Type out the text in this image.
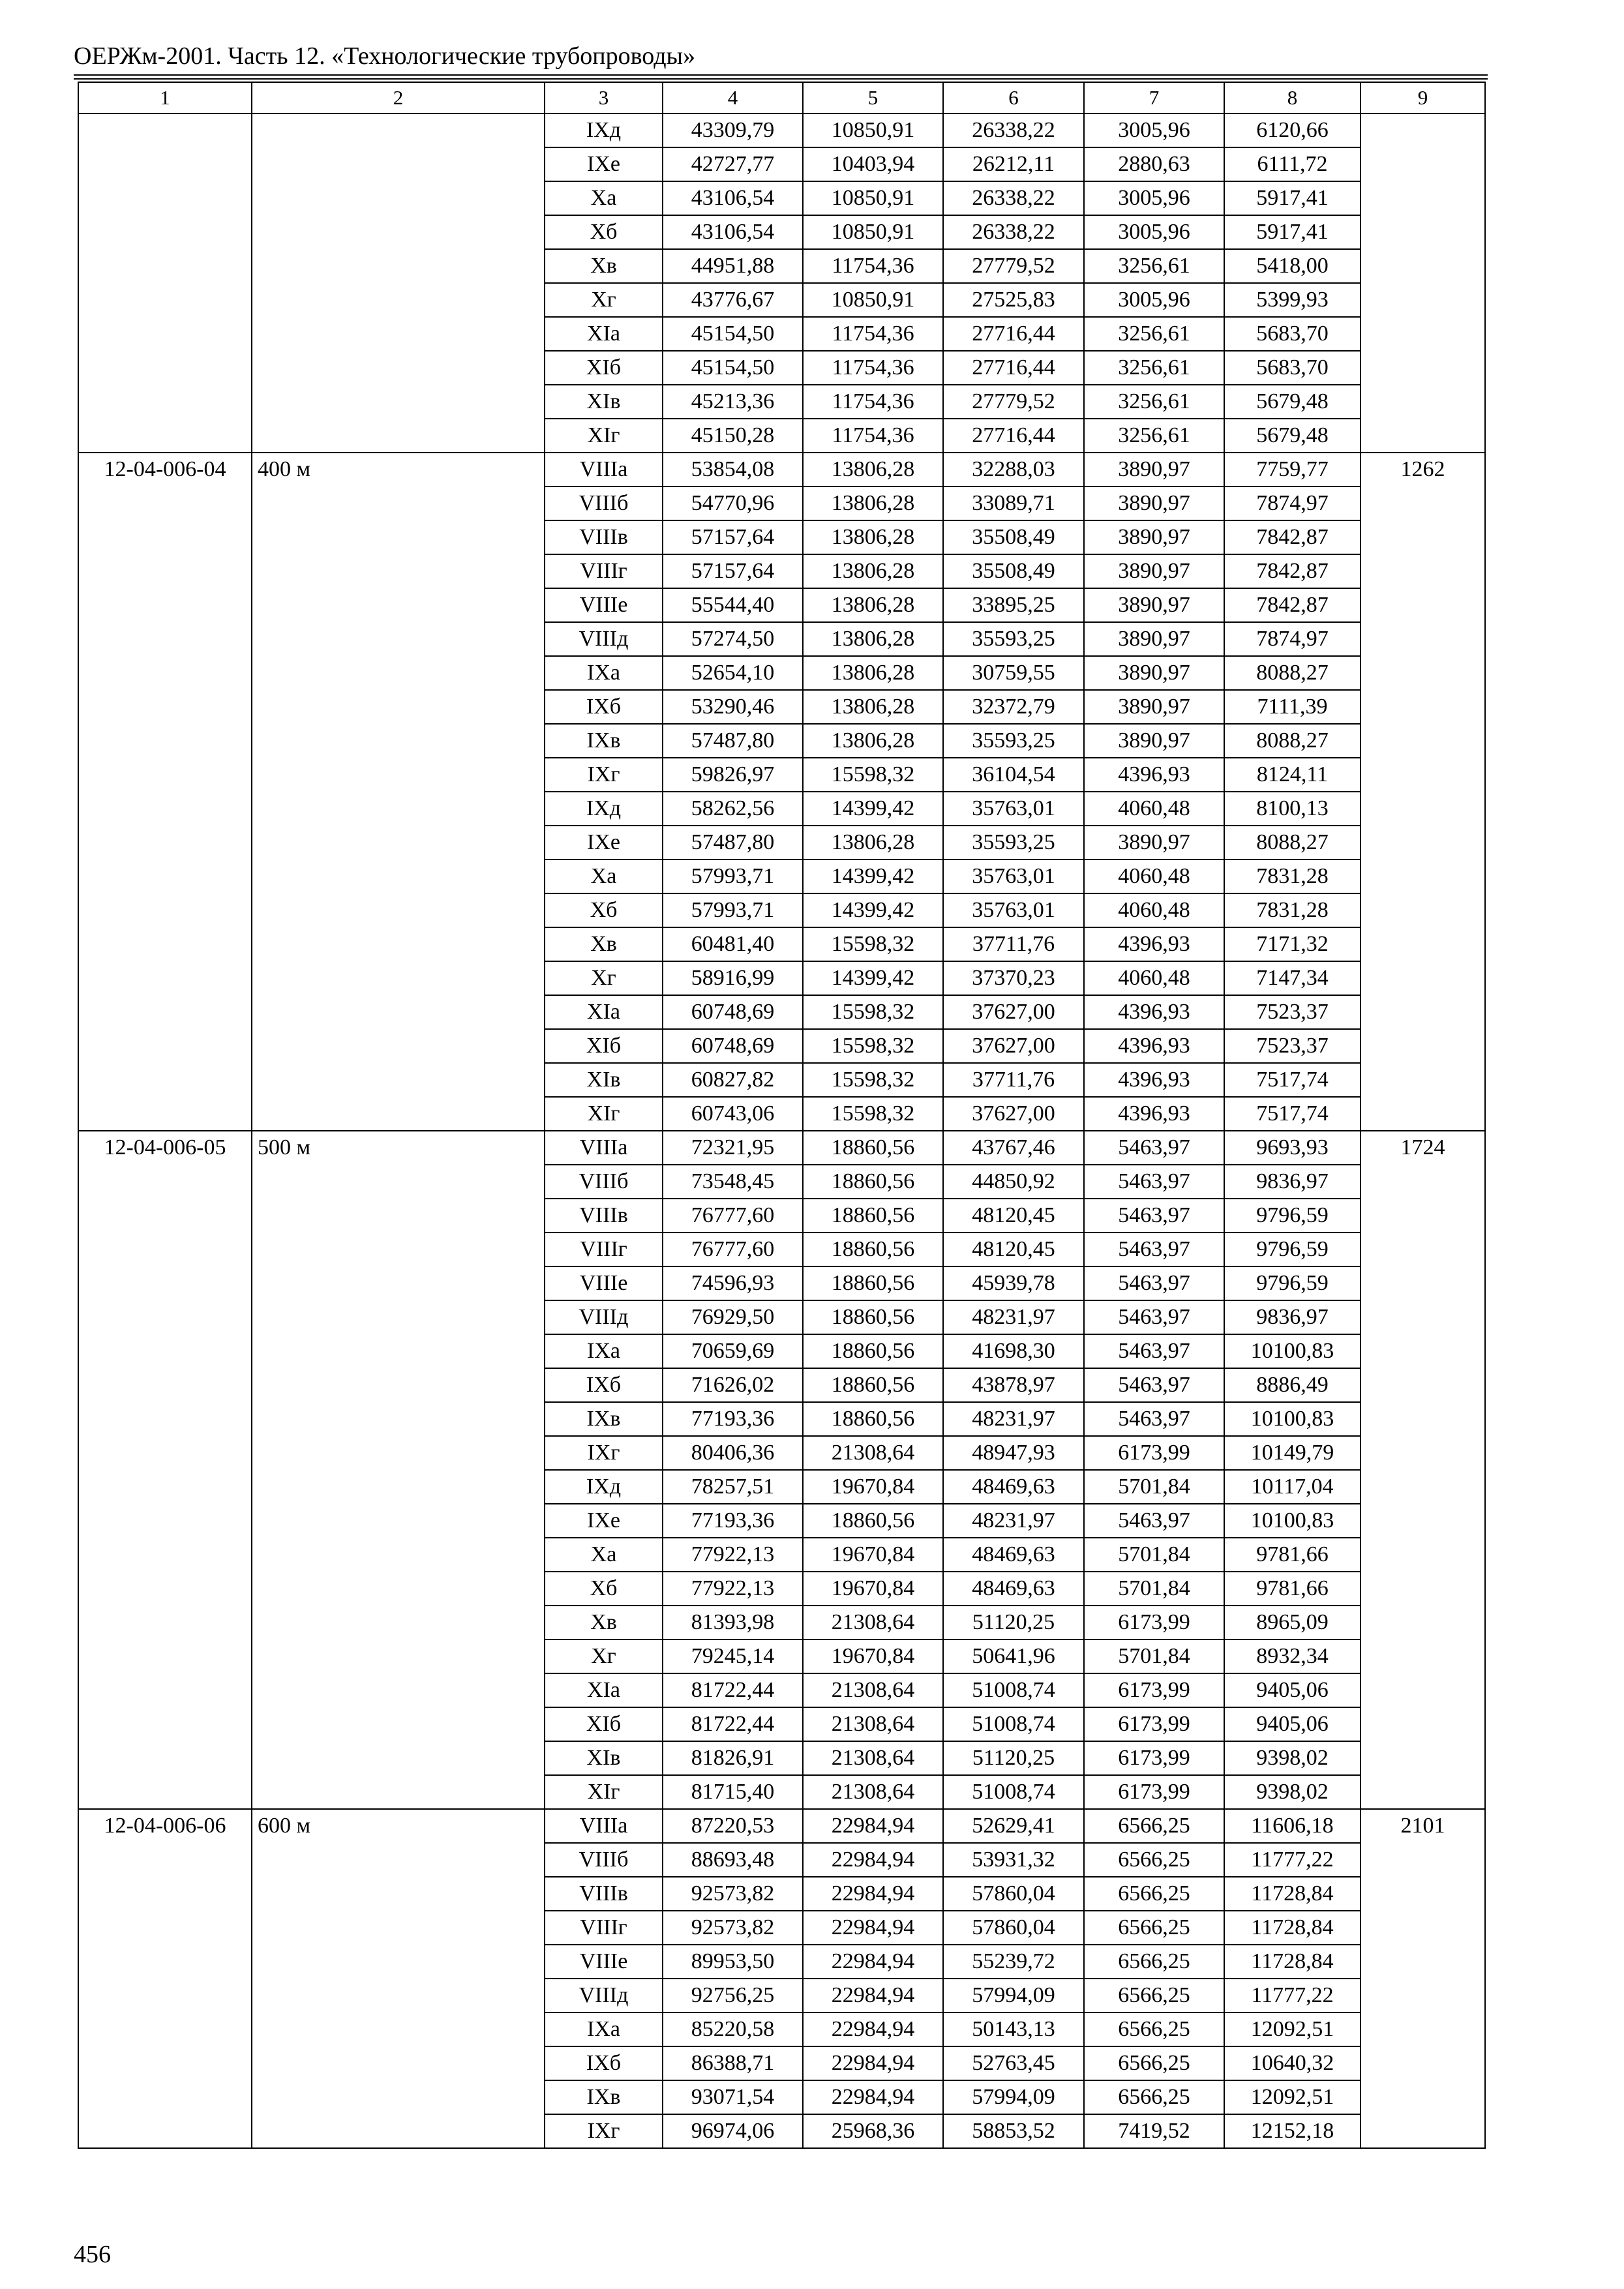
ОЕРЖм-2001. Часть 12. «Технологические трубопроводы»
1	2	3	4	5	6	7	8	9
		IXд	43309,79	10850,91	26338,22	3005,96	6120,66	
		IXе	42727,77	10403,94	26212,11	2880,63	6111,72	
		Xа	43106,54	10850,91	26338,22	3005,96	5917,41	
		Xб	43106,54	10850,91	26338,22	3005,96	5917,41	
		Xв	44951,88	11754,36	27779,52	3256,61	5418,00	
		Xг	43776,67	10850,91	27525,83	3005,96	5399,93	
		XIа	45154,50	11754,36	27716,44	3256,61	5683,70	
		XIб	45154,50	11754,36	27716,44	3256,61	5683,70	
		XIв	45213,36	11754,36	27779,52	3256,61	5679,48	
		XIг	45150,28	11754,36	27716,44	3256,61	5679,48	
12-04-006-04	400 м	VIIIа	53854,08	13806,28	32288,03	3890,97	7759,77	1262
		VIIIб	54770,96	13806,28	33089,71	3890,97	7874,97	
		VIIIв	57157,64	13806,28	35508,49	3890,97	7842,87	
		VIIIг	57157,64	13806,28	35508,49	3890,97	7842,87	
		VIIIе	55544,40	13806,28	33895,25	3890,97	7842,87	
		VIIIд	57274,50	13806,28	35593,25	3890,97	7874,97	
		IXа	52654,10	13806,28	30759,55	3890,97	8088,27	
		IXб	53290,46	13806,28	32372,79	3890,97	7111,39	
		IXв	57487,80	13806,28	35593,25	3890,97	8088,27	
		IXг	59826,97	15598,32	36104,54	4396,93	8124,11	
		IXд	58262,56	14399,42	35763,01	4060,48	8100,13	
		IXе	57487,80	13806,28	35593,25	3890,97	8088,27	
		Xа	57993,71	14399,42	35763,01	4060,48	7831,28	
		Xб	57993,71	14399,42	35763,01	4060,48	7831,28	
		Xв	60481,40	15598,32	37711,76	4396,93	7171,32	
		Xг	58916,99	14399,42	37370,23	4060,48	7147,34	
		XIа	60748,69	15598,32	37627,00	4396,93	7523,37	
		XIб	60748,69	15598,32	37627,00	4396,93	7523,37	
		XIв	60827,82	15598,32	37711,76	4396,93	7517,74	
		XIг	60743,06	15598,32	37627,00	4396,93	7517,74	
12-04-006-05	500 м	VIIIа	72321,95	18860,56	43767,46	5463,97	9693,93	1724
		VIIIб	73548,45	18860,56	44850,92	5463,97	9836,97	
		VIIIв	76777,60	18860,56	48120,45	5463,97	9796,59	
		VIIIг	76777,60	18860,56	48120,45	5463,97	9796,59	
		VIIIе	74596,93	18860,56	45939,78	5463,97	9796,59	
		VIIIд	76929,50	18860,56	48231,97	5463,97	9836,97	
		IXа	70659,69	18860,56	41698,30	5463,97	10100,83	
		IXб	71626,02	18860,56	43878,97	5463,97	8886,49	
		IXв	77193,36	18860,56	48231,97	5463,97	10100,83	
		IXг	80406,36	21308,64	48947,93	6173,99	10149,79	
		IXд	78257,51	19670,84	48469,63	5701,84	10117,04	
		IXе	77193,36	18860,56	48231,97	5463,97	10100,83	
		Xа	77922,13	19670,84	48469,63	5701,84	9781,66	
		Xб	77922,13	19670,84	48469,63	5701,84	9781,66	
		Xв	81393,98	21308,64	51120,25	6173,99	8965,09	
		Xг	79245,14	19670,84	50641,96	5701,84	8932,34	
		XIа	81722,44	21308,64	51008,74	6173,99	9405,06	
		XIб	81722,44	21308,64	51008,74	6173,99	9405,06	
		XIв	81826,91	21308,64	51120,25	6173,99	9398,02	
		XIг	81715,40	21308,64	51008,74	6173,99	9398,02	
12-04-006-06	600 м	VIIIа	87220,53	22984,94	52629,41	6566,25	11606,18	2101
		VIIIб	88693,48	22984,94	53931,32	6566,25	11777,22	
		VIIIв	92573,82	22984,94	57860,04	6566,25	11728,84	
		VIIIг	92573,82	22984,94	57860,04	6566,25	11728,84	
		VIIIе	89953,50	22984,94	55239,72	6566,25	11728,84	
		VIIIд	92756,25	22984,94	57994,09	6566,25	11777,22	
		IXа	85220,58	22984,94	50143,13	6566,25	12092,51	
		IXб	86388,71	22984,94	52763,45	6566,25	10640,32	
		IXв	93071,54	22984,94	57994,09	6566,25	12092,51	
		IXг	96974,06	25968,36	58853,52	7419,52	12152,18	
456
